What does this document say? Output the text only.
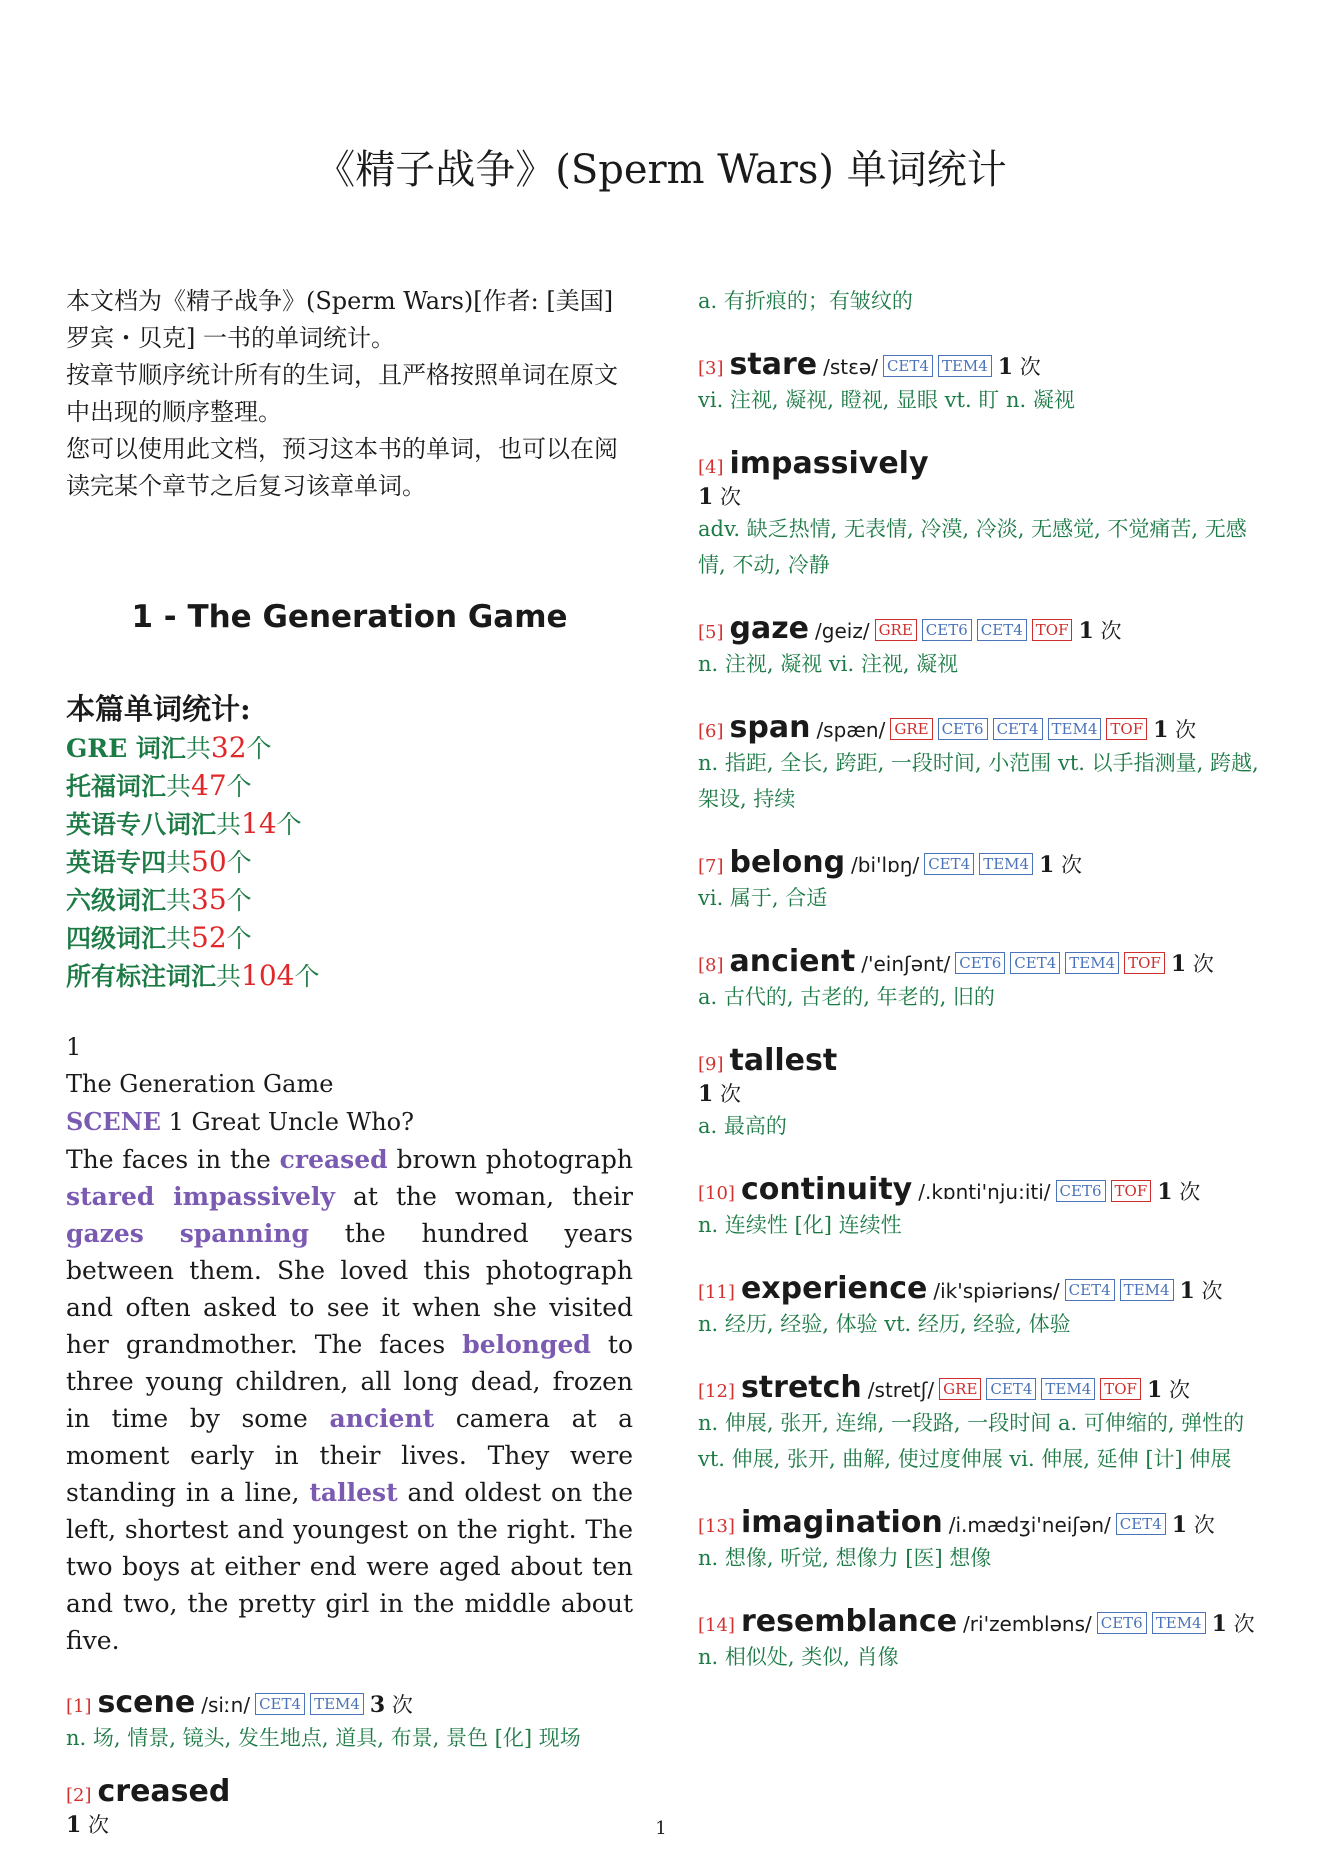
《精子战争》(Sperm Wars) 单词统计

本文档为《精子战争》(Sperm Wars)[作者: [美国] 罗宾・贝克] 一书的单词统计。

按章节顺序统计所有的生词，且严格按照单词在原文中出现的顺序整理。

您可以使用此文档，预习这本书的单词，也可以在阅读完某个章节之后复习该章单词。

1 - The Generation Game
本篇单词统计:
GRE 词汇共32个
托福词汇共47个
英语专八词汇共14个
英语专四共50个
六级词汇共35个
四级词汇共52个
所有标注词汇共104个
1
The Generation Game
SCENE 1 Great Uncle Who?
The faces in the creased brown photograph stared impassively at the woman, their gazes spanning the hundred years between them. She loved this photograph and often asked to see it when she visited her grandmother. The faces belonged to three young children, all long dead, frozen in time by some ancient camera at a moment early in their lives. They were standing in a line, tallest and oldest on the left, shortest and youngest on the right. The two boys at either end were aged about ten and two, the pretty girl in the middle about five.
[1] scene /siːn/ CET4 TEM4 3 次
n. 场, 情景, 镜头, 发生地点, 道具, 布景, 景色 [化] 现场
[2] creased
1 次
a. 有折痕的；有皱纹的
[3] stare /stɛə/ CET4 TEM4 1 次
vi. 注视, 凝视, 瞪视, 显眼 vt. 盯 n. 凝视
[4] impassively
1 次
adv. 缺乏热情, 无表情, 冷漠, 冷淡, 无感觉, 不觉痛苦, 无感情, 不动, 冷静
[5] gaze /geiz/ GRE CET6 CET4 TOF 1 次
n. 注视, 凝视 vi. 注视, 凝视
[6] span /spæn/ GRE CET6 CET4 TEM4 TOF 1 次
n. 指距, 全长, 跨距, 一段时间, 小范围 vt. 以手指测量, 跨越, 架设, 持续
[7] belong /bi'lɒŋ/ CET4 TEM4 1 次
vi. 属于, 合适
[8] ancient /'einʃənt/ CET6 CET4 TEM4 TOF 1 次
a. 古代的, 古老的, 年老的, 旧的
[9] tallest
1 次
a. 最高的
[10] continuity /.kɒnti'nju:iti/ CET6 TOF 1 次
n. 连续性 [化] 连续性
[11] experience /ik'spiəriəns/ CET4 TEM4 1 次
n. 经历, 经验, 体验 vt. 经历, 经验, 体验
[12] stretch /stretʃ/ GRE CET4 TEM4 TOF 1 次
n. 伸展, 张开, 连绵, 一段路, 一段时间 a. 可伸缩的, 弹性的 vt. 伸展, 张开, 曲解, 使过度伸展 vi. 伸展, 延伸 [计] 伸展
[13] imagination /i.mædʒi'neiʃən/ CET4 1 次
n. 想像, 听觉, 想像力 [医] 想像
[14] resemblance /ri'zembləns/ CET6 TEM4 1 次
n. 相似处, 类似, 肖像
1
